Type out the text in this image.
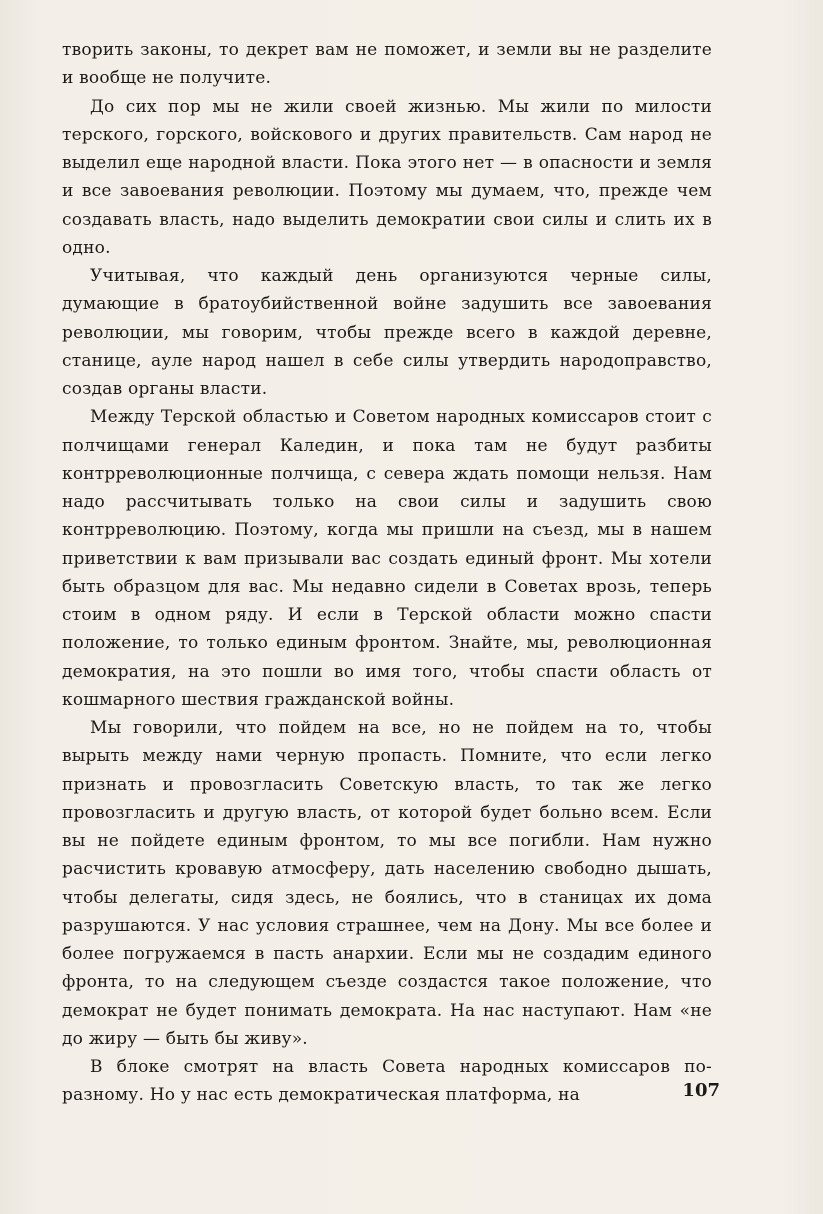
творить законы, то декрет вам не поможет, и земли вы не разделите и вообще не получите.

До сих пор мы не жили своей жизнью. Мы жили по милости терского, горского, войскового и других правительств. Сам народ не выделил еще народной власти. Пока этого нет — в опасности и земля и все завоевания революции. Поэтому мы думаем, что, прежде чем создавать власть, надо выделить демократии свои силы и слить их в одно.

Учитывая, что каждый день организуются черные силы, думающие в братоубийственной войне задушить все завоевания революции, мы говорим, чтобы прежде всего в каждой деревне, станице, ауле народ нашел в себе силы утвердить народоправство, создав органы власти.

Между Терской областью и Советом народных комиссаров стоит с полчищами генерал Каледин, и пока там не будут разбиты контрреволюционные полчища, с севера ждать помощи нельзя. Нам надо рассчитывать только на свои силы и задушить свою контрреволюцию. Поэтому, когда мы пришли на съезд, мы в нашем приветствии к вам призывали вас создать единый фронт. Мы хотели быть образцом для вас. Мы недавно сидели в Советах врозь, теперь стоим в одном ряду. И если в Терской области можно спасти положение, то только единым фронтом. Знайте, мы, революционная демократия, на это пошли во имя того, чтобы спасти область от кошмарного шествия гражданской войны.

Мы говорили, что пойдем на все, но не пойдем на то, чтобы вырыть между нами черную пропасть. Помните, что если легко признать и провозгласить Советскую власть, то так же легко провозгласить и другую власть, от которой будет больно всем. Если вы не пойдете единым фронтом, то мы все погибли. Нам нужно расчистить кровавую атмосферу, дать населению свободно дышать, чтобы делегаты, сидя здесь, не боялись, что в станицах их дома разрушаются. У нас условия страшнее, чем на Дону. Мы все более и более погружаемся в пасть анархии. Если мы не создадим единого фронта, то на следующем съезде создастся такое положение, что демократ не будет понимать демократа. На нас наступают. Нам «не до жиру — быть бы живу».

В блоке смотрят на власть Совета народных комиссаров по-разному. Но у нас есть демократическая платформа, на	107
